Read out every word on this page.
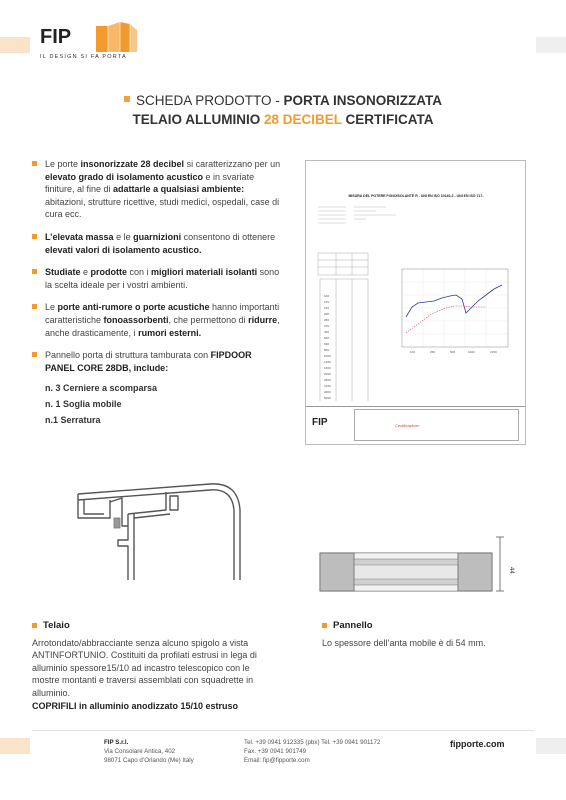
FIP
IL DESIGN SI FA PORTA
SCHEDA PRODOTTO - PORTA INSONORIZZATA
TELAIO ALLUMINIO 28 DECIBEL CERTIFICATA
Le porte insonorizzate 28 decibel si caratterizzano per un elevato grado di isolamento acustico e in svariate finiture, al fine di adattarle a qualsiasi ambiente: abitazioni, strutture ricettive, studi medici, ospedali, case di cura ecc.
L’elevata massa e le guarnizioni consentono di ottenere elevati valori di isolamento acustico.
Studiate e prodotte con i migliori materiali isolanti sono la scelta ideale per i vostri ambienti.
Le porte anti-rumore o porte acustiche hanno importanti caratteristiche fonoassorbenti, che permettono di ridurre, anche drasticamente, i rumori esterni.
Pannello porta di struttura tamburata con FIPDOOR PANEL CORE 28DB, include:
n. 3 Cerniere a scomparsa
n. 1 Soglia mobile
n.1 Serratura
MISURA DEL POTERE FONOISOLANTE R - UNI EN ISO 10140-2 - UNI EN ISO 717-
100
125
160
200
250
315
400
500
630
800
1000
1250
1600
2000
2500
3150
4000
5000
100	250	500	1000	3150
FIP	Certificazione
44
Telaio
Arrotondato/abbracciante senza alcuno spigolo a vista ANTINFORTUNIO. Costituiti da profilati estrusi in lega di alluminio spessore15/10 ad incastro telescopico con le mostre montanti e traversi assemblati con squadrette in alluminio.
COPRIFILI in alluminio anodizzato 15/10 estruso
Pannello
Lo spessore dell’anta mobile è di 54 mm.
FIP S.r.l.
Via Consolare Antica, 402
98071 Capo d’Orlando (Me) Italy
Tel. +39 0941 912335 (pbx) Tel. +39 0941 901172
Fax. +39 0941 901749
Email: fip@fipporte.com
fipporte.com
